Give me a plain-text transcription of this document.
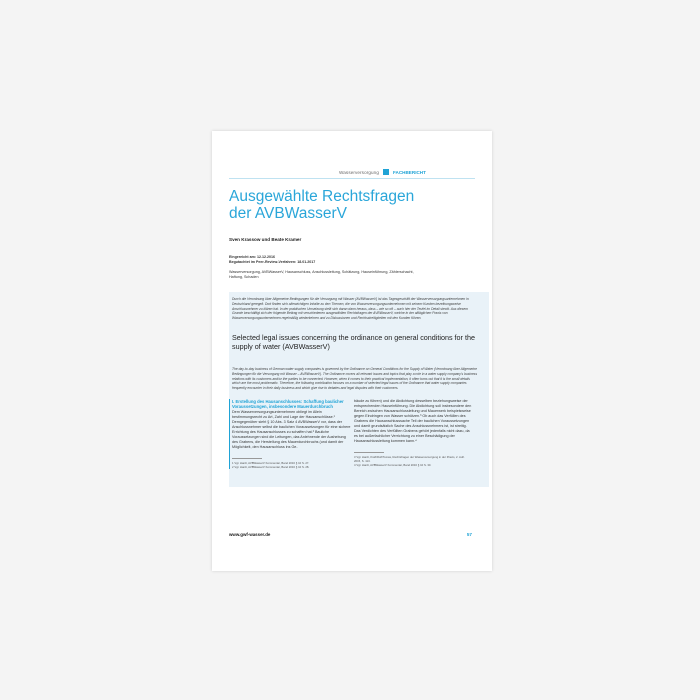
Wasserversorgung	FACHBERICHT
Ausgewählte Rechtsfragen
der AVBWasserV
Sven Krassow und Beate Kramer
Eingereicht am: 12.12.2016
Begutachtet im Peer-Review-Verfahren: 18.01.2017
Wasserversorgung, AVBWasserV, Hausanschluss, Anschlussleitung, Schätzung, Hauseinführung, Zählerschacht, Haftung, Schaden
Durch die Verordnung über Allgemeine Bedingungen für die Versorgung mit Wasser (AVBWasserV) ist das Tagesgeschäft der Wasserversorgungsunternehmen in Deutschland geregelt. Dort finden sich allerwichtigen Inhalte zu den Themen, die von Wasserversorgungsunternehmen mit seinem Kunden bezeihungsweise Anschlussnehmer zu klären hat. In der praktischen Umsetzung stellt sich daran dann heraus, dass – wie so oft – auch hier der Teufel im Detail steckt. Aus diesem Grunde beschäftigt sich der folgende Beitrag mit verschiedenen ausgewählten Rechtsfragen der AVBWasserV, welche in der alltäglichen Praxis von Wasserversorgungsunternehmen regelmäßig wiederkehren und zu Diskussionen und Rechtsstreitigkeiten mit den Kunden führen.
Selected legal issues concerning the ordinance on general conditions for the supply of water (AVBWasserV)
The day-to-day business of German water supply companies is governed by the Ordinance on General Conditions for the Supply of Water (Verordnung über Allgemeine Bedingungen für die Versorgung mit Wasser – AVBWasserV). The Ordinance covers all relevant issues and topics that play a role in a water supply company's business relations with its customers and/or the parties to be connected. However, when it comes to their practical implementation, it often turns out that it is the small details which are the most problematic. Therefore, the following contribution focuses on a number of selected legal issues of the Ordinance that water supply companies frequently encounter in their daily business and which give rise to debates and legal disputes with their customers.
I. Erstellung des Hausanschlusses: Schaffung baulicher Voraussetzungen, insbesondere Mauerdurchbruch

Dem Wasserversorgungsunternehmen obliegt im Allein bestimmungsrecht zu Art, Zahl und Lage der Hausanschlüsse.¹ Demgegenüber sieht § 10 Abs. 3 Satz 4 AVBWasserV vor, dass der Anschlussnehmer selbst die baulichen Voraussetzungen für eine sichere Errichtung des Hausanschlusses zu schaffen hat.² Bauliche Voraussetzungen sind die Leitungen, das Anlehnende der Aushebung des Grabens, die Herstellung des Mauerdurchbruchs (und damit der Möglichkeit, den Hausanschluss ins Ge-

1 Vgl. Hardt, AVBWasserV Kommentar, Band 2016 § 10 S. 27.
2 Vgl. Hardt, AVBWasserV Kommentar, Band 2016 § 10 S. 28.

bäude zu führen) und die Abdichtung desselben beziehungsweise der entsprechenden Hauseinführung. Die Abdichtung soll insbesondere den Bereich zwischen Hausanschlussleitung und Mauerwerk beispielsweise gegen Eindringen von Wasser schützen.³ Ob auch das Verfüllen des Grabens die Hausanschlusssache Teil der baulichen Voraussetzungen und damit grundsätzlich Sache des Anschlussnehmers ist, ist streitig. Das Verdichten des Verfüllten Grabens gehört jedenfalls nicht dazu, da es bei außerfachlicher Verrichtung zu einer Beschädigung der Hausanschlussleitung kommen kann.⁴

3 Vgl. Hardt, Kraft/Rolf/Tomas, Rechtsfragen der Wasserversorgung in der Praxis, 2. Aufl. 2015, S. 113.
4 Vgl. Hardt, AVBWasserV Kommentar, Band 2016 § 10 S. 30.
www.gwf-wasser.de	57
